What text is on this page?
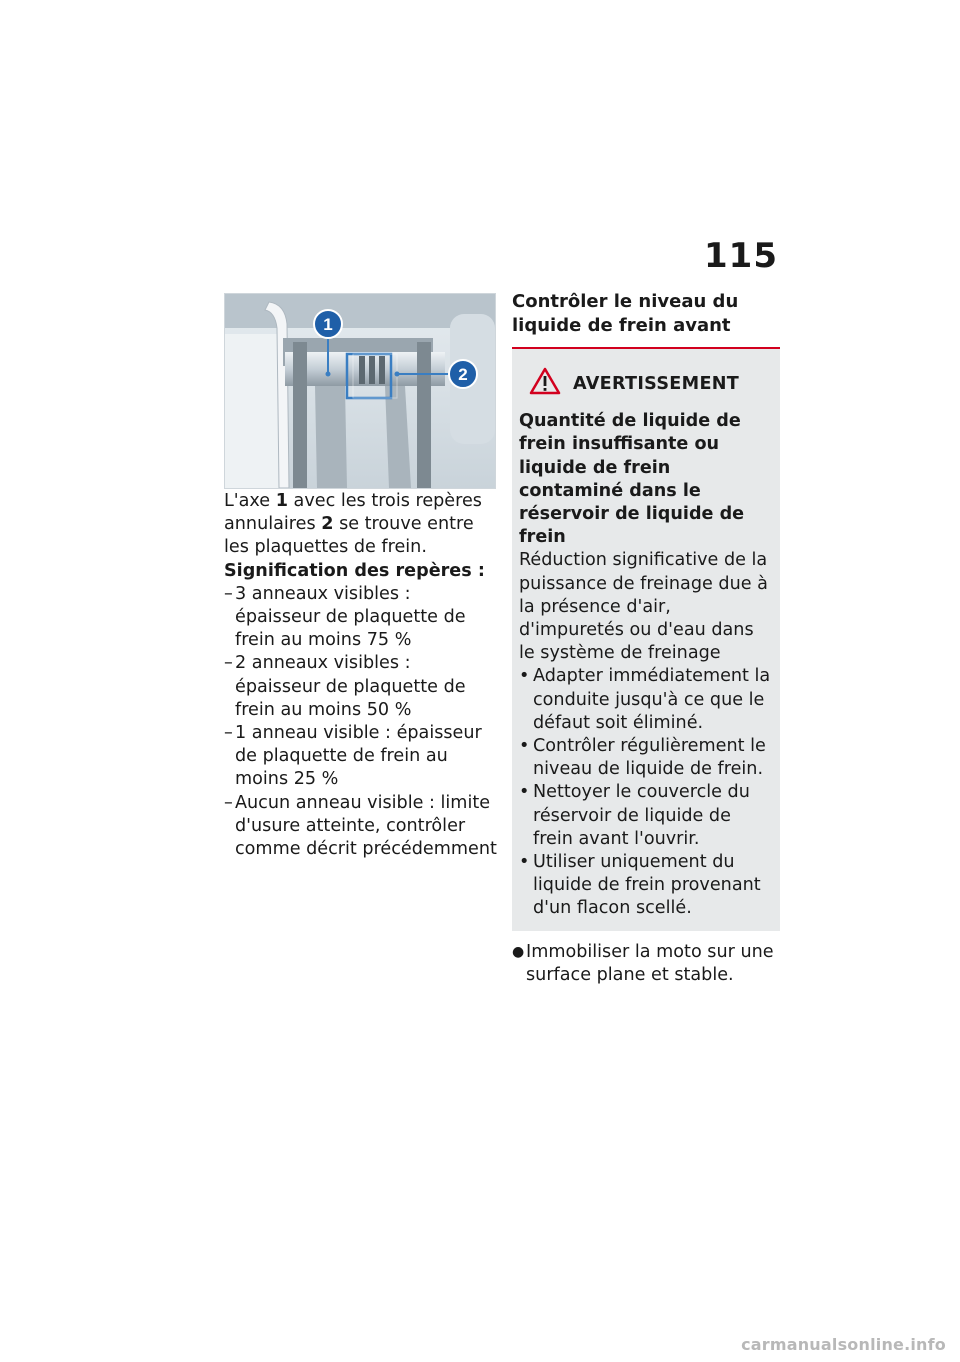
115
1
2

L'axe 1 avec les trois repères annulaires 2 se trouve entre les plaquettes de frein.

Signification des repères :

– 3 anneaux visibles : épaisseur de plaquette de frein au moins 75 %
– 2 anneaux visibles : épaisseur de plaquette de frein au moins 50 %
– 1 anneau visible : épaisseur de plaquette de frein au moins 25 %
– Aucun anneau visible : limite d'usure atteinte, contrôler comme décrit précédemment
Contrôler le niveau du liquide de frein avant
AVERTISSEMENT

Quantité de liquide de frein insuffisante ou liquide de frein contaminé dans le réservoir de liquide de frein

Réduction significative de la puissance de freinage due à la présence d'air, d'impuretés ou d'eau dans le système de freinage

• Adapter immédiatement la conduite jusqu'à ce que le défaut soit éliminé.
• Contrôler régulièrement le niveau de liquide de frein.
• Nettoyer le couvercle du réservoir de liquide de frein avant l'ouvrir.
• Utiliser uniquement du liquide de frein provenant d'un flacon scellé.
● Immobiliser la moto sur une surface plane et stable.
carmanualsonline.info
